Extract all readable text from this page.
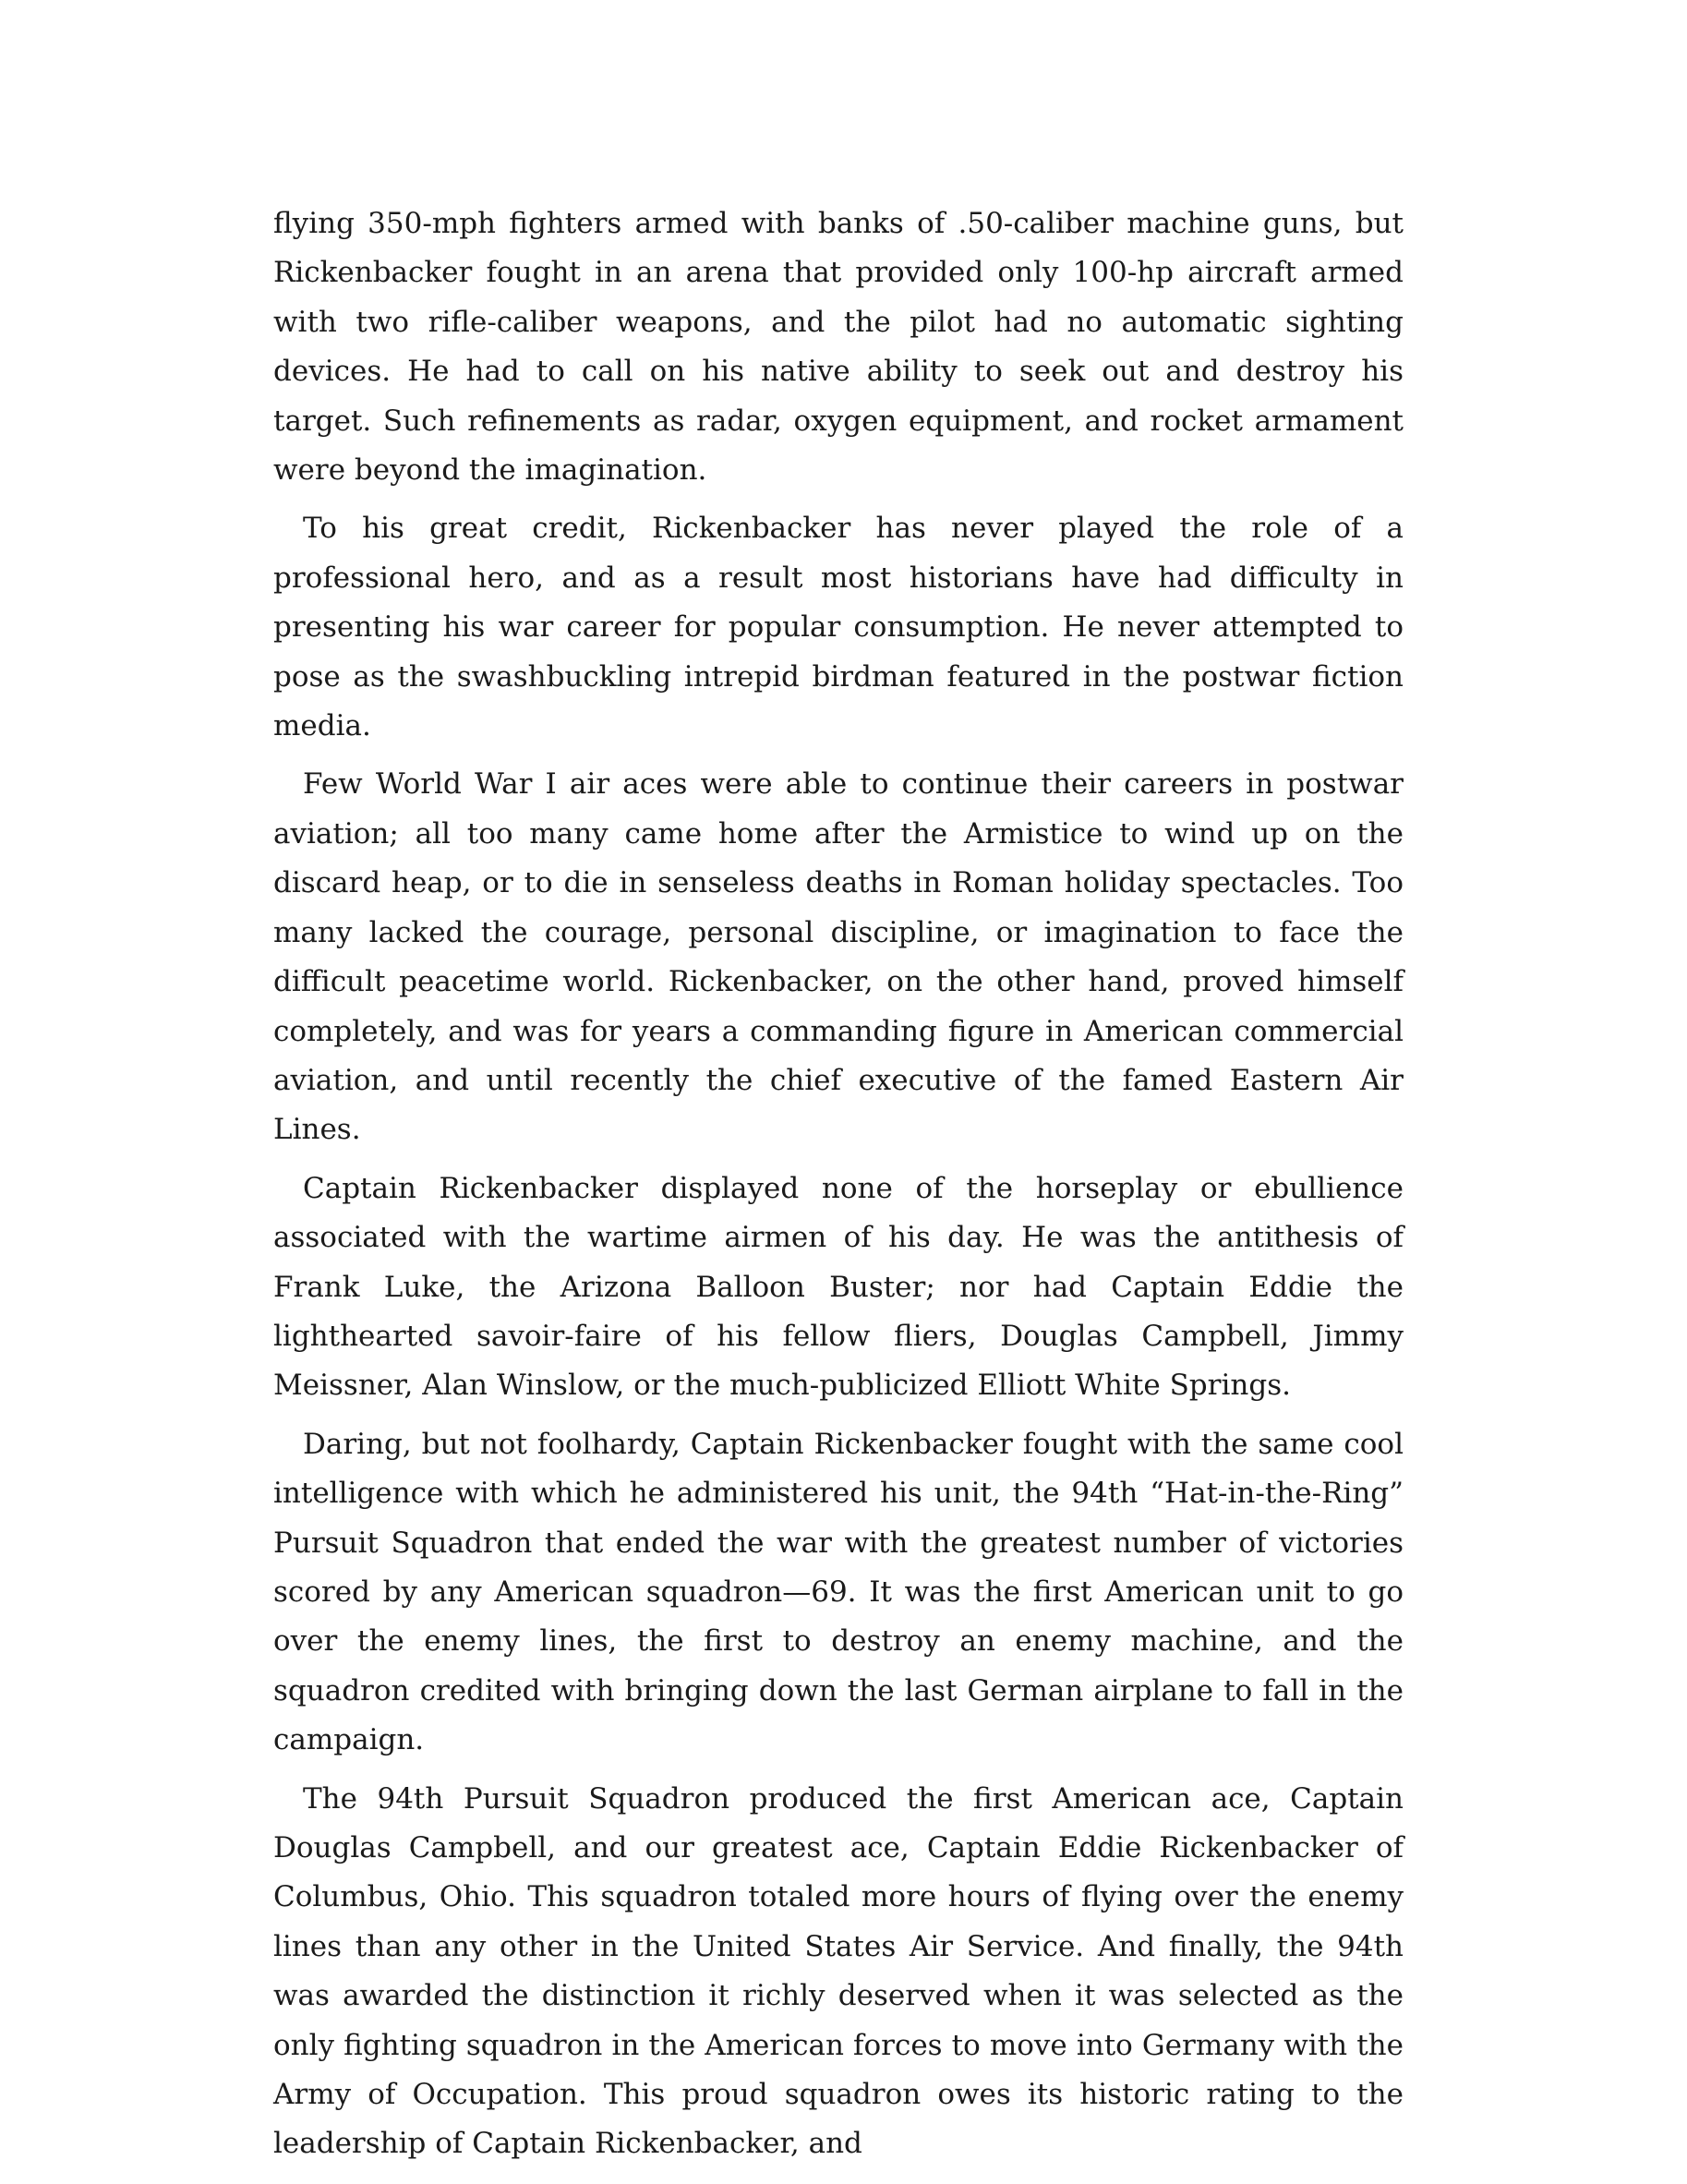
flying 350-mph fighters armed with banks of .50-caliber machine guns, but Rickenbacker fought in an arena that provided only 100-hp aircraft armed with two rifle-caliber weapons, and the pilot had no automatic sighting devices. He had to call on his native ability to seek out and destroy his target. Such refinements as radar, oxygen equipment, and rocket armament were beyond the imagination.

To his great credit, Rickenbacker has never played the role of a professional hero, and as a result most historians have had difficulty in presenting his war career for popular consumption. He never attempted to pose as the swashbuckling intrepid birdman featured in the postwar fiction media.

Few World War I air aces were able to continue their careers in postwar aviation; all too many came home after the Armistice to wind up on the discard heap, or to die in senseless deaths in Roman holiday spectacles. Too many lacked the courage, personal discipline, or imagination to face the difficult peacetime world. Rickenbacker, on the other hand, proved himself completely, and was for years a commanding figure in American commercial aviation, and until recently the chief executive of the famed Eastern Air Lines.

Captain Rickenbacker displayed none of the horseplay or ebullience associated with the wartime airmen of his day. He was the antithesis of Frank Luke, the Arizona Balloon Buster; nor had Captain Eddie the lighthearted savoir-faire of his fellow fliers, Douglas Campbell, Jimmy Meissner, Alan Winslow, or the much-publicized Elliott White Springs.

Daring, but not foolhardy, Captain Rickenbacker fought with the same cool intelligence with which he administered his unit, the 94th “Hat-in-the-Ring” Pursuit Squadron that ended the war with the greatest number of victories scored by any American squadron—69. It was the first American unit to go over the enemy lines, the first to destroy an enemy machine, and the squadron credited with bringing down the last German airplane to fall in the campaign.

The 94th Pursuit Squadron produced the first American ace, Captain Douglas Campbell, and our greatest ace, Captain Eddie Rickenbacker of Columbus, Ohio. This squadron totaled more hours of flying over the enemy lines than any other in the United States Air Service. And finally, the 94th was awarded the distinction it richly deserved when it was selected as the only fighting squadron in the American forces to move into Germany with the Army of Occupation. This proud squadron owes its historic rating to the leadership of Captain Rickenbacker, and
